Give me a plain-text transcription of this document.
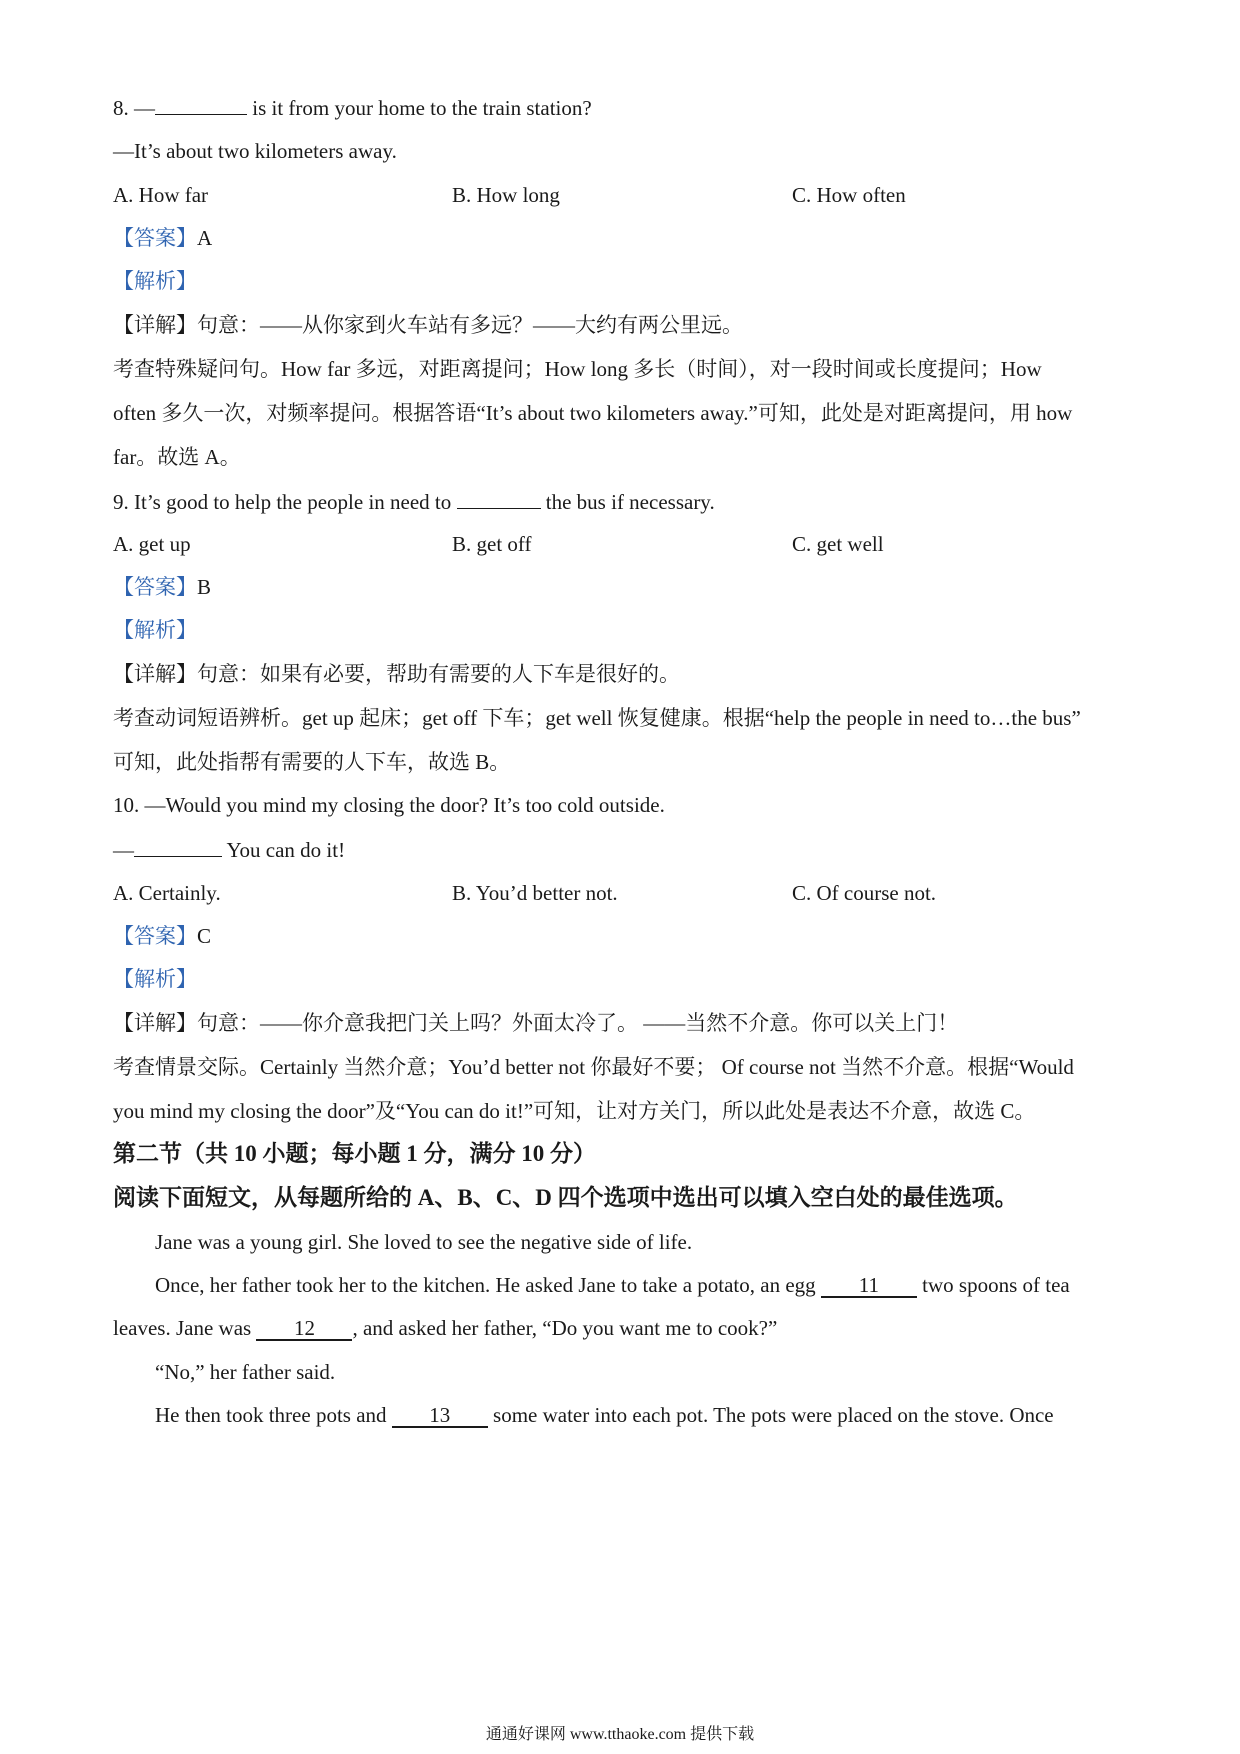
8. —	is it from your home to the train station?
—It’s about two kilometers away.
A. How far	B. How long	C. How often
【答案】A
【解析】
【详解】句意：——从你家到火车站有多远？——大约有两公里远。
考查特殊疑问句。How far 多远，对距离提问；How long 多长（时间），对一段时间或长度提问；How
often 多久一次，对频率提问。根据答语“It’s about two kilometers away.”可知，此处是对距离提问，用 how
far。故选 A。
9. It’s good to help the people in need to	the bus if necessary.
A. get up	B. get off	C. get well
【答案】B
【解析】
【详解】句意：如果有必要，帮助有需要的人下车是很好的。
考查动词短语辨析。get up 起床；get off 下车；get well 恢复健康。根据“help the people in need to…the bus”
可知，此处指帮有需要的人下车，故选 B。
10. —Would you mind my closing the door? It’s too cold outside.
—	You can do it!
A. Certainly.	B. You’d better not.	C. Of course not.
【答案】C
【解析】
【详解】句意：——你介意我把门关上吗？外面太冷了。 ——当然不介意。你可以关上门！
考查情景交际。Certainly 当然介意；You’d better not 你最好不要； Of course not 当然不介意。根据“Would
you mind my closing the door”及“You can do it!”可知，让对方关门，所以此处是表达不介意，故选 C。
第二节（共 10 小题；每小题 1 分，满分 10 分）
阅读下面短文，从每题所给的 A、B、C、D 四个选项中选出可以填入空白处的最佳选项。
Jane was a young girl. She loved to see the negative side of life.
Once, her father took her to the kitchen. He asked Jane to take a potato, an egg 11 two spoons of tea
leaves. Jane was 12 , and asked her father, “Do you want me to cook?”
“No,” her father said.
He then took three pots and 13 some water into each pot. The pots were placed on the stove. Once
通通好课网 www.tthaoke.com 提供下载
